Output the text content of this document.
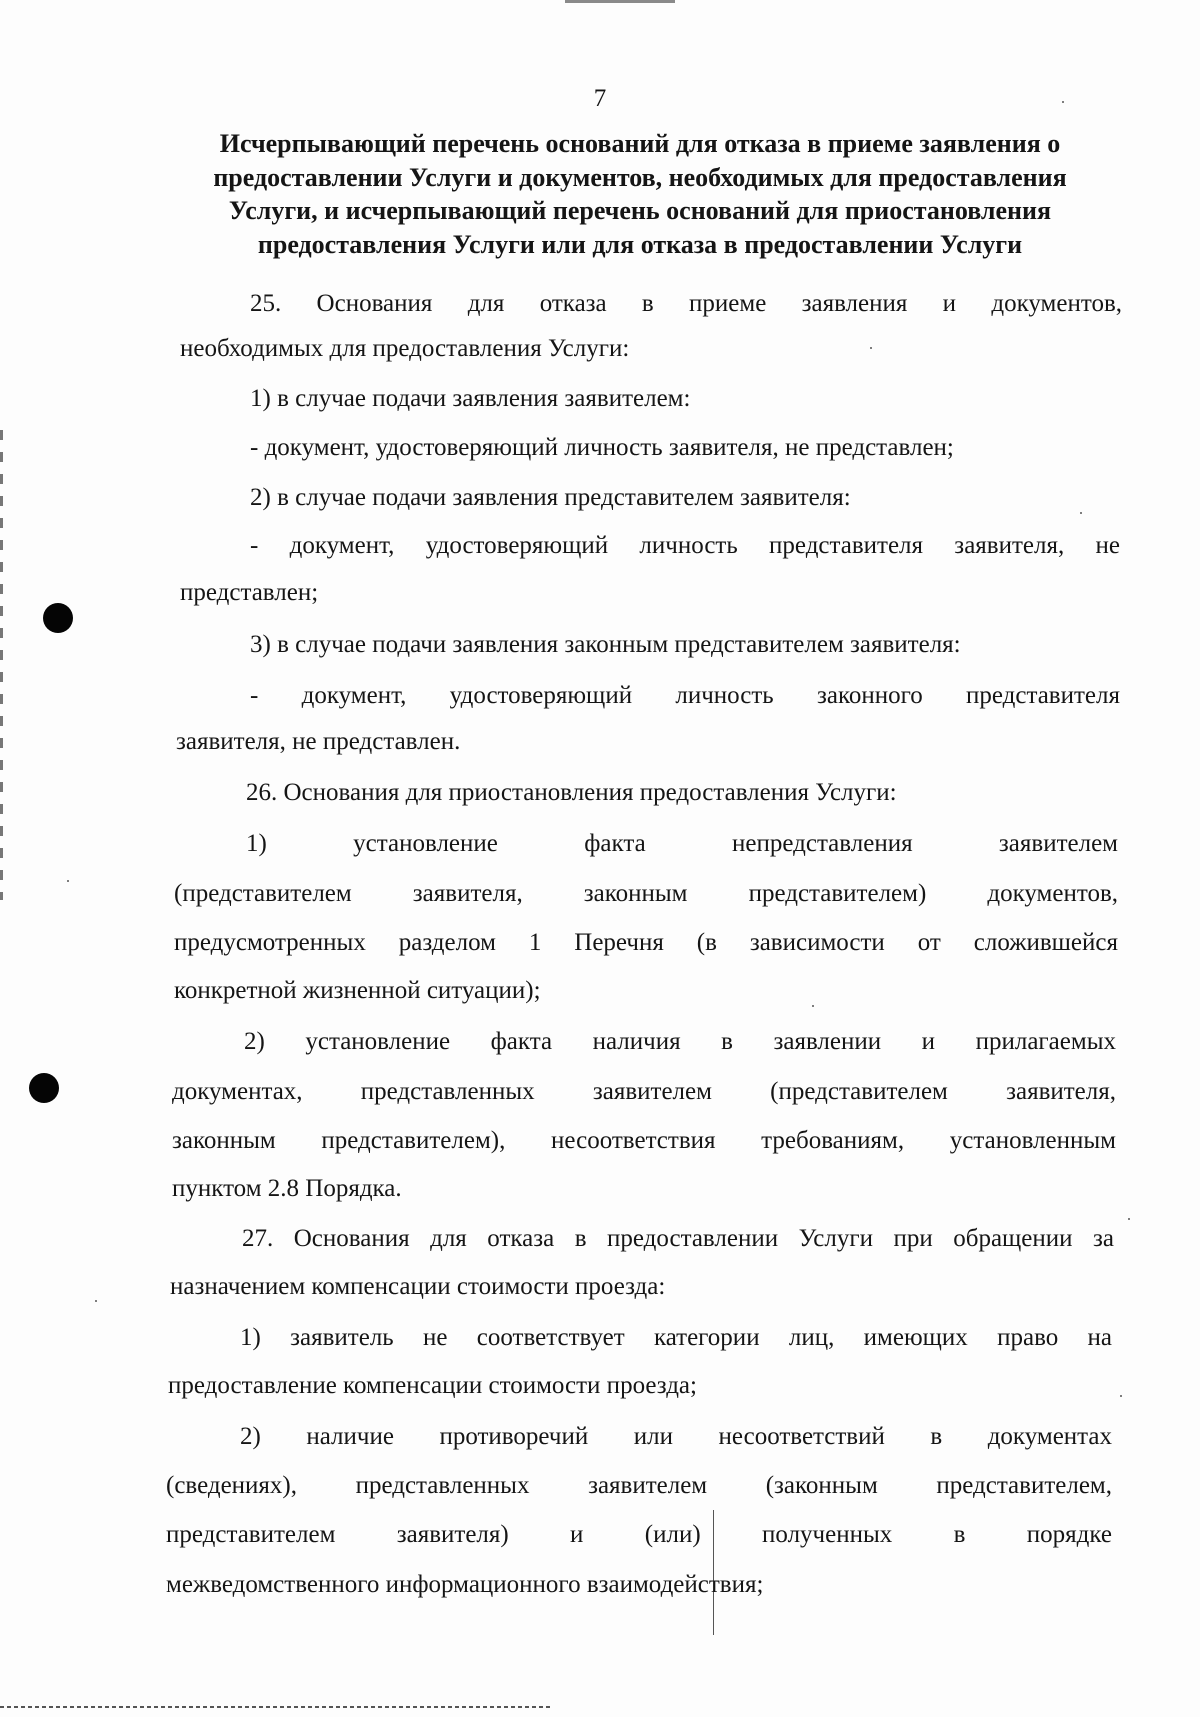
7
Исчерпывающий перечень оснований для отказа в приеме заявления о предоставлении Услуги и документов, необходимых для предоставления Услуги, и исчерпывающий перечень оснований для приостановления предоставления Услуги или для отказа в предоставлении Услуги
25. Основания для отказа в приеме заявления и документов,
необходимых для предоставления Услуги:
1) в случае подачи заявления заявителем:
- документ, удостоверяющий личность заявителя, не представлен;
2) в случае подачи заявления представителем заявителя:
- документ, удостоверяющий личность представителя заявителя, не
представлен;
3) в случае подачи заявления законным представителем заявителя:
- документ, удостоверяющий личность законного представителя
заявителя, не представлен.
26. Основания для приостановления предоставления Услуги:
1) установление факта непредставления заявителем
(представителем заявителя, законным представителем) документов,
предусмотренных разделом 1 Перечня (в зависимости от сложившейся
конкретной жизненной ситуации);
2) установление факта наличия в заявлении и прилагаемых
документах, представленных заявителем (представителем заявителя,
законным представителем), несоответствия требованиям, установленным
пунктом 2.8 Порядка.
27. Основания для отказа в предоставлении Услуги при обращении за
назначением компенсации стоимости проезда:
1) заявитель не соответствует категории лиц, имеющих право на
предоставление компенсации стоимости проезда;
2) наличие противоречий или несоответствий в документах
(сведениях), представленных заявителем (законным представителем,
представителем заявителя) и (или) полученных в порядке
межведомственного информационного взаимодействия;
